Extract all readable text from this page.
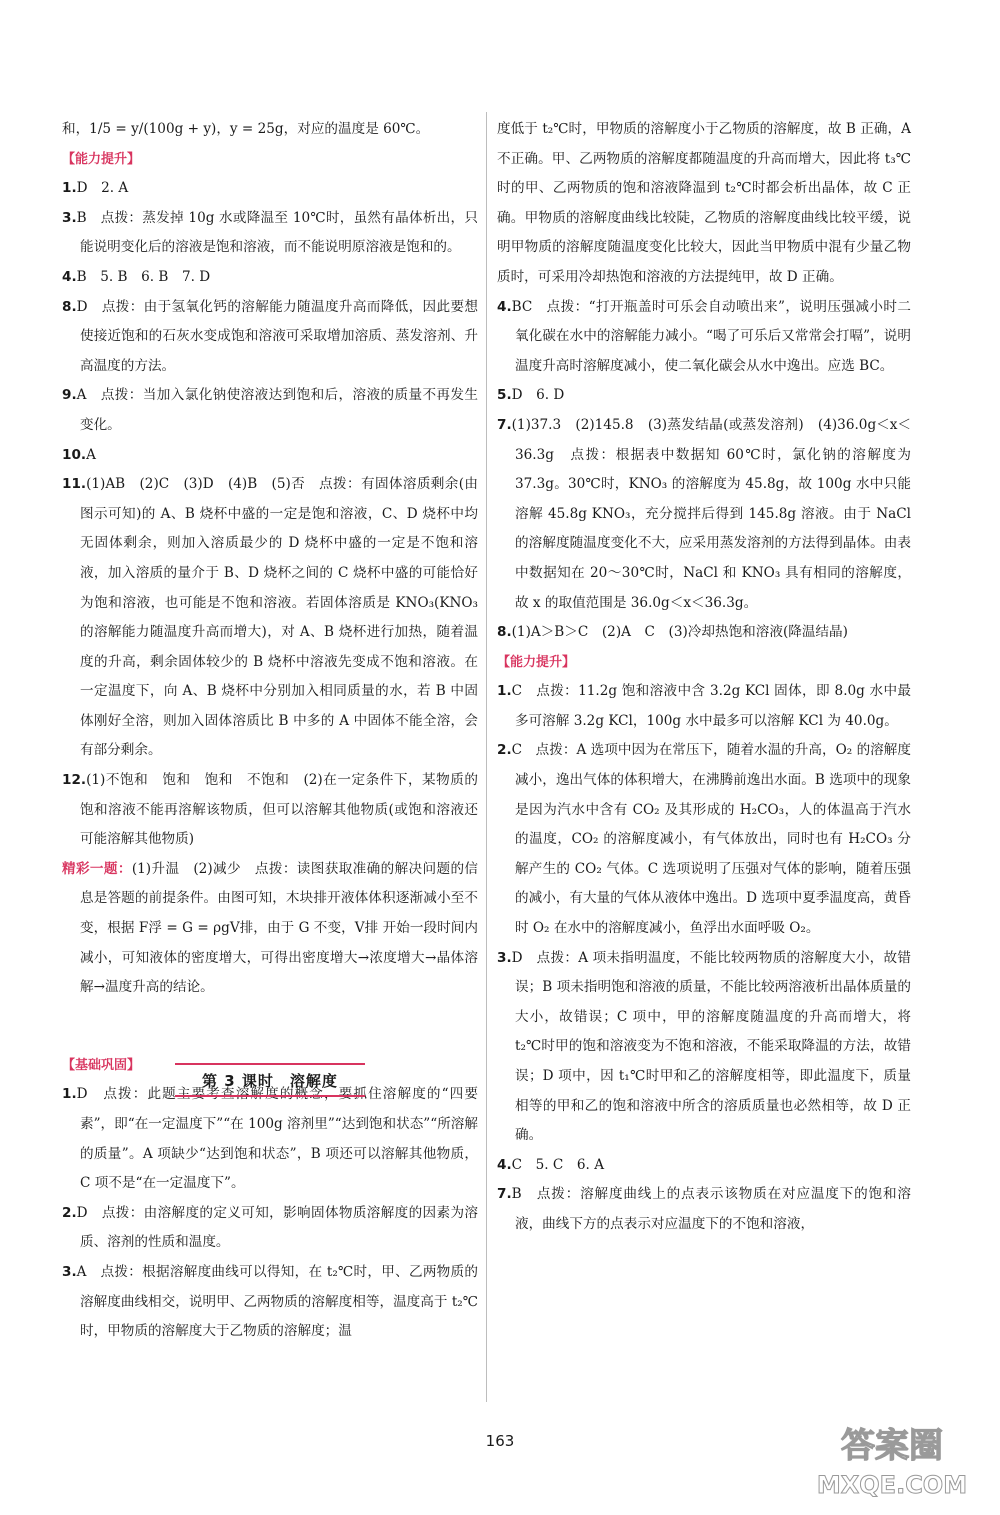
和，1/5 = y/(100g + y)，y = 25g，对应的温度是 60℃。

【能力提升】

1.D　2. A

3.B　点拨：蒸发掉 10g 水或降温至 10℃时，虽然有晶体析出，只能说明变化后的溶液是饱和溶液，而不能说明原溶液是饱和的。

4.B　5. B　6. B　7. D

8.D　点拨：由于氢氧化钙的溶解能力随温度升高而降低，因此要想使接近饱和的石灰水变成饱和溶液可采取增加溶质、蒸发溶剂、升高温度的方法。

9.A　点拨：当加入氯化钠使溶液达到饱和后，溶液的质量不再发生变化。

10.A

11.(1)AB　(2)C　(3)D　(4)B　(5)否　点拨：有固体溶质剩余(由图示可知)的 A、B 烧杯中盛的一定是饱和溶液，C、D 烧杯中均无固体剩余，则加入溶质最少的 D 烧杯中盛的一定是不饱和溶液，加入溶质的量介于 B、D 烧杯之间的 C 烧杯中盛的可能恰好为饱和溶液，也可能是不饱和溶液。若固体溶质是 KNO₃(KNO₃ 的溶解能力随温度升高而增大)，对 A、B 烧杯进行加热，随着温度的升高，剩余固体较少的 B 烧杯中溶液先变成不饱和溶液。在一定温度下，向 A、B 烧杯中分别加入相同质量的水，若 B 中固体刚好全溶，则加入固体溶质比 B 中多的 A 中固体不能全溶，会有部分剩余。

12.(1)不饱和　饱和　饱和　不饱和　(2)在一定条件下，某物质的饱和溶液不能再溶解该物质，但可以溶解其他物质(或饱和溶液还可能溶解其他物质)

精彩一题：(1)升温　(2)减少　点拨：读图获取准确的解决问题的信息是答题的前提条件。由图可知，木块排开液体体积逐渐减小至不变，根据 F浮 = G = ρgV排，由于 G 不变，V排 开始一段时间内减小，可知液体的密度增大，可得出密度增大→浓度增大→晶体溶解→温度升高的结论。

【基础巩固】

1.D　点拨：此题主要考查溶解度的概念，要抓住溶解度的“四要素”，即“在一定温度下”“在 100g 溶剂里”“达到饱和状态”“所溶解的质量”。A 项缺少“达到饱和状态”，B 项还可以溶解其他物质，C 项不是“在一定温度下”。

2.D　点拨：由溶解度的定义可知，影响固体物质溶解度的因素为溶质、溶剂的性质和温度。

3.A　点拨：根据溶解度曲线可以得知，在 t₂℃时，甲、乙两物质的溶解度曲线相交，说明甲、乙两物质的溶解度相等，温度高于 t₂℃时，甲物质的溶解度大于乙物质的溶解度；温

第 3 课时　溶解度

度低于 t₂℃时，甲物质的溶解度小于乙物质的溶解度，故 B 正确，A 不正确。甲、乙两物质的溶解度都随温度的升高而增大，因此将 t₃℃时的甲、乙两物质的饱和溶液降温到 t₂℃时都会析出晶体，故 C 正确。甲物质的溶解度曲线比较陡，乙物质的溶解度曲线比较平缓，说明甲物质的溶解度随温度变化比较大，因此当甲物质中混有少量乙物质时，可采用冷却热饱和溶液的方法提纯甲，故 D 正确。

4.BC　点拨：“打开瓶盖时可乐会自动喷出来”，说明压强减小时二氧化碳在水中的溶解能力减小。“喝了可乐后又常常会打嗝”，说明温度升高时溶解度减小，使二氧化碳会从水中逸出。应选 BC。

5.D　6. D

7.(1)37.3　(2)145.8　(3)蒸发结晶(或蒸发溶剂)　(4)36.0g＜x＜36.3g　点拨：根据表中数据知 60℃时，氯化钠的溶解度为 37.3g。30℃时，KNO₃ 的溶解度为 45.8g，故 100g 水中只能溶解 45.8g KNO₃，充分搅拌后得到 145.8g 溶液。由于 NaCl 的溶解度随温度变化不大，应采用蒸发溶剂的方法得到晶体。由表中数据知在 20～30℃时，NaCl 和 KNO₃ 具有相同的溶解度，故 x 的取值范围是 36.0g＜x＜36.3g。

8.(1)A＞B＞C　(2)A　C　(3)冷却热饱和溶液(降温结晶)

【能力提升】

1.C　点拨：11.2g 饱和溶液中含 3.2g KCl 固体，即 8.0g 水中最多可溶解 3.2g KCl，100g 水中最多可以溶解 KCl 为 40.0g。

2.C　点拨：A 选项中因为在常压下，随着水温的升高，O₂ 的溶解度减小，逸出气体的体积增大，在沸腾前逸出水面。B 选项中的现象是因为汽水中含有 CO₂ 及其形成的 H₂CO₃，人的体温高于汽水的温度，CO₂ 的溶解度减小，有气体放出，同时也有 H₂CO₃ 分解产生的 CO₂ 气体。C 选项说明了压强对气体的影响，随着压强的减小，有大量的气体从液体中逸出。D 选项中夏季温度高，黄昏时 O₂ 在水中的溶解度减小，鱼浮出水面呼吸 O₂。

3.D　点拨：A 项未指明温度，不能比较两物质的溶解度大小，故错误；B 项未指明饱和溶液的质量，不能比较两溶液析出晶体质量的大小，故错误；C 项中，甲的溶解度随温度的升高而增大，将 t₂℃时甲的饱和溶液变为不饱和溶液，不能采取降温的方法，故错误；D 项中，因 t₁℃时甲和乙的溶解度相等，即此温度下，质量相等的甲和乙的饱和溶液中所含的溶质质量也必然相等，故 D 正确。

4.C　5. C　6. A

7.B　点拨：溶解度曲线上的点表示该物质在对应温度下的饱和溶液，曲线下方的点表示对应温度下的不饱和溶液，

163	答案圈
MXQE.COM
